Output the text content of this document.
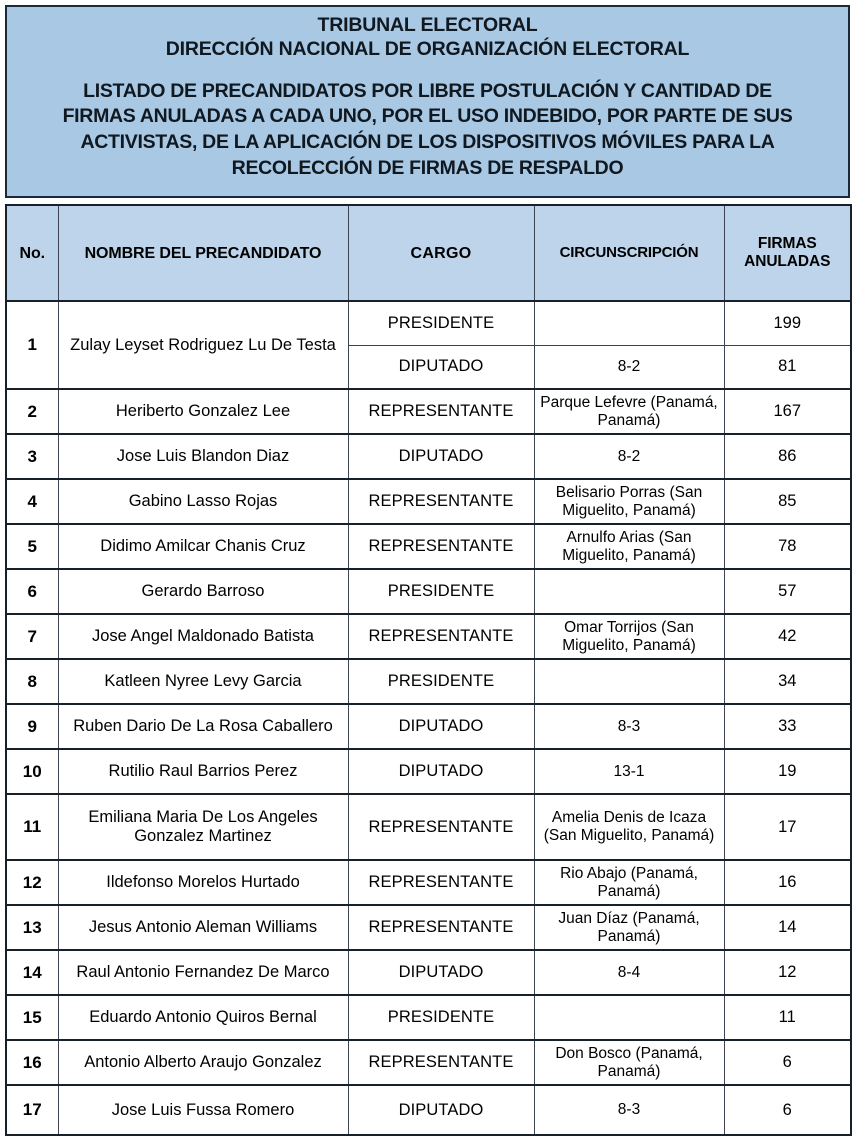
TRIBUNAL ELECTORAL
DIRECCIÓN NACIONAL DE ORGANIZACIÓN ELECTORAL
LISTADO DE PRECANDIDATOS POR LIBRE POSTULACIÓN Y CANTIDAD DE
FIRMAS ANULADAS A CADA UNO, POR EL USO INDEBIDO, POR PARTE DE SUS
ACTIVISTAS, DE LA APLICACIÓN DE LOS DISPOSITIVOS MÓVILES PARA LA
RECOLECCIÓN DE FIRMAS DE RESPALDO
No.	NOMBRE DEL PRECANDIDATO	CARGO	CIRCUNSCRIPCIÓN	FIRMAS
ANULADAS
1	Zulay Leyset Rodriguez Lu De Testa	PRESIDENTE		199
		DIPUTADO	8-2	81
2	Heriberto Gonzalez Lee	REPRESENTANTE	Parque Lefevre (Panamá, Panamá)	167
3	Jose Luis Blandon Diaz	DIPUTADO	8-2	86
4	Gabino Lasso Rojas	REPRESENTANTE	Belisario Porras (San Miguelito, Panamá)	85
5	Didimo Amilcar Chanis Cruz	REPRESENTANTE	Arnulfo Arias (San Miguelito, Panamá)	78
6	Gerardo Barroso	PRESIDENTE		57
7	Jose Angel Maldonado Batista	REPRESENTANTE	Omar Torrijos (San Miguelito, Panamá)	42
8	Katleen Nyree Levy Garcia	PRESIDENTE		34
9	Ruben Dario De La Rosa Caballero	DIPUTADO	8-3	33
10	Rutilio Raul Barrios Perez	DIPUTADO	13-1	19
11	Emiliana Maria De Los Angeles Gonzalez Martinez	REPRESENTANTE	Amelia Denis de Icaza (San Miguelito, Panamá)	17
12	Ildefonso Morelos Hurtado	REPRESENTANTE	Rio Abajo (Panamá, Panamá)	16
13	Jesus Antonio Aleman Williams	REPRESENTANTE	Juan Díaz (Panamá, Panamá)	14
14	Raul Antonio Fernandez De Marco	DIPUTADO	8-4	12
15	Eduardo Antonio Quiros Bernal	PRESIDENTE		11
16	Antonio Alberto Araujo Gonzalez	REPRESENTANTE	Don Bosco (Panamá, Panamá)	6
17	Jose Luis Fussa Romero	DIPUTADO	8-3	6
